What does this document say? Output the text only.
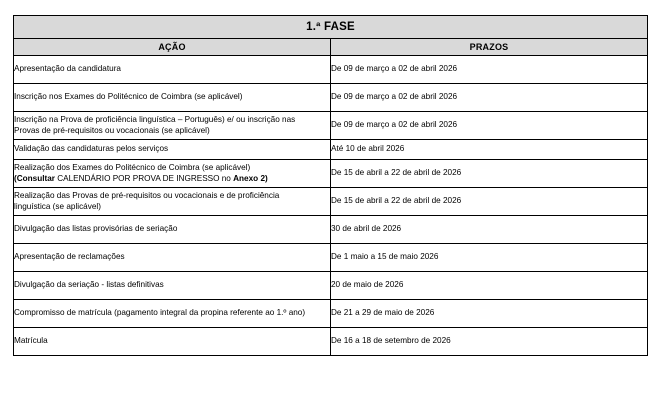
1.ª FASE	
AÇÃO	PRAZOS
Apresentação da candidatura	De 09 de março a 02 de abril 2026
Inscrição nos Exames do Politécnico de Coimbra (se aplicável)	De 09 de março a 02 de abril 2026

Inscrição na Prova de proficiência linguística – Português) e/ ou inscrição nas
Provas de pré-requisitos ou vocacionais (se aplicável)	De 09 de março a 02 de abril 2026
Validação das candidaturas pelos serviços	Até 10 de abril 2026

Realização dos Exames do Politécnico de Coimbra (se aplicável)
(Consultar CALENDÁRIO POR PROVA DE INGRESSO no Anexo 2)	De 15 de abril a 22 de abril de 2026

Realização das Provas de pré-requisitos ou vocacionais e de proficiência
linguística (se aplicável)	De 15 de abril a 22 de abril de 2026
Divulgação das listas provisórias de seriação	30 de abril de 2026
Apresentação de reclamações	De 1 maio a 15 de maio 2026
Divulgação da seriação - listas definitivas	20 de maio de 2026
Compromisso de matrícula (pagamento integral da propina referente ao 1.º ano)	De 21 a 29 de maio de 2026
Matrícula	De 16 a 18 de setembro de 2026
